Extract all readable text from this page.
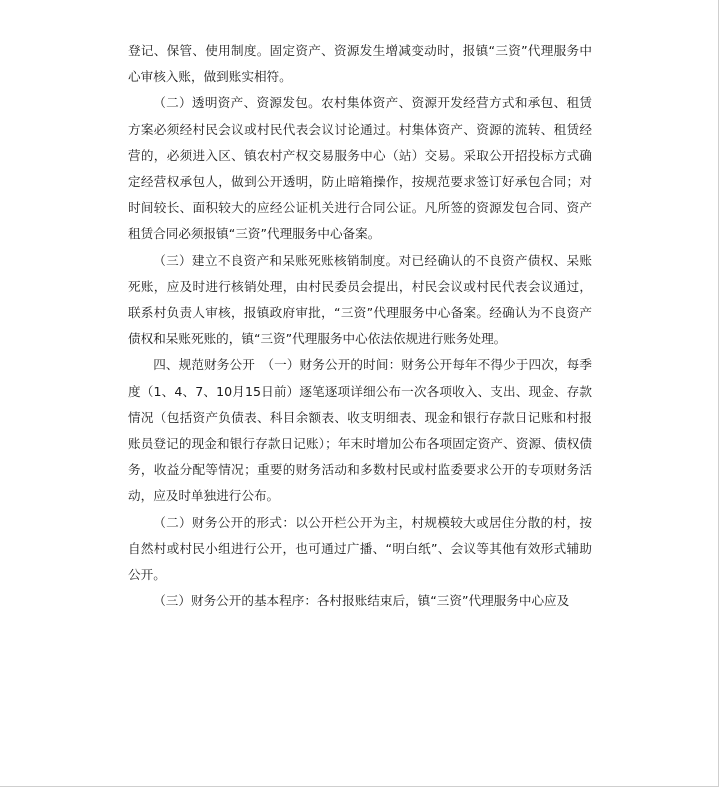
登记、保管、使用制度。固定资产、资源发生增减变动时，报镇“三资”代理服务中心审核入账，做到账实相符。

（二）透明资产、资源发包。农村集体资产、资源开发经营方式和承包、租赁方案必须经村民会议或村民代表会议讨论通过。村集体资产、资源的流转、租赁经营的，必须进入区、镇农村产权交易服务中心（站）交易。采取公开招投标方式确定经营权承包人，做到公开透明，防止暗箱操作，按规范要求签订好承包合同；对时间较长、面积较大的应经公证机关进行合同公证。凡所签的资源发包合同、资产租赁合同必须报镇“三资”代理服务中心备案。

（三）建立不良资产和呆账死账核销制度。对已经确认的不良资产债权、呆账死账，应及时进行核销处理，由村民委员会提出，村民会议或村民代表会议通过，联系村负责人审核，报镇政府审批，“三资”代理服务中心备案。经确认为不良资产债权和呆账死账的，镇“三资”代理服务中心依法依规进行账务处理。

四、规范财务公开　（一）财务公开的时间：财务公开每年不得少于四次，每季度（1、4、7、10月15日前）逐笔逐项详细公布一次各项收入、支出、现金、存款情况（包括资产负债表、科目余额表、收支明细表、现金和银行存款日记账和村报账员登记的现金和银行存款日记账）；年末时增加公布各项固定资产、资源、债权债务，收益分配等情况；重要的财务活动和多数村民或村监委要求公开的专项财务活动，应及时单独进行公布。

（二）财务公开的形式：以公开栏公开为主，村规模较大或居住分散的村，按自然村或村民小组进行公开，也可通过广播、“明白纸”、会议等其他有效形式辅助公开。

（三）财务公开的基本程序：各村报账结束后，镇“三资”代理服务中心应及
